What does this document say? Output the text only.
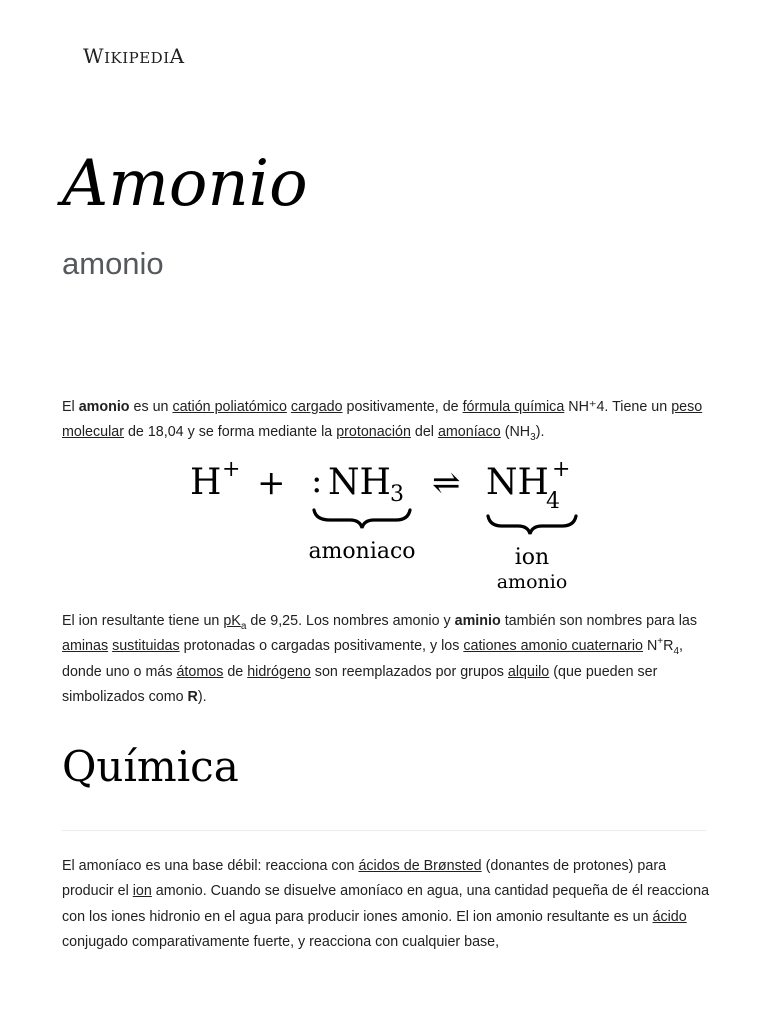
WIKIPEDIA
Amonio

amonio

El amonio es un catión poliatómico cargado positivamente, de fórmula química NH⁺4. Tiene un peso molecular de 18,04 y se forma mediante la protonación del amoníaco $(NH_3)$.

H + + : NH 3 ⇌ NH
4
+
amoniaco	ion
amonio

El ion resultante tiene un $pK_a$ de 9,25. Los nombres amonio y aminio también son nombres para las aminas sustituidas protonadas o cargadas positivamente, y los cationes amonio cuaternario $N^+R_4$, donde uno o más átomos de hidrógeno son reemplazados por grupos alquilo (que pueden ser simbolizados como R).

Química

El amoníaco es una base débil: reacciona con ácidos de Brønsted (donantes de protones) para producir el ion amonio. Cuando se disuelve amoníaco en agua, una cantidad pequeña de él reacciona con los iones hidronio en el agua para producir iones amonio. El ion amonio resultante es un ácido conjugado comparativamente fuerte, y reacciona con cualquier base,
